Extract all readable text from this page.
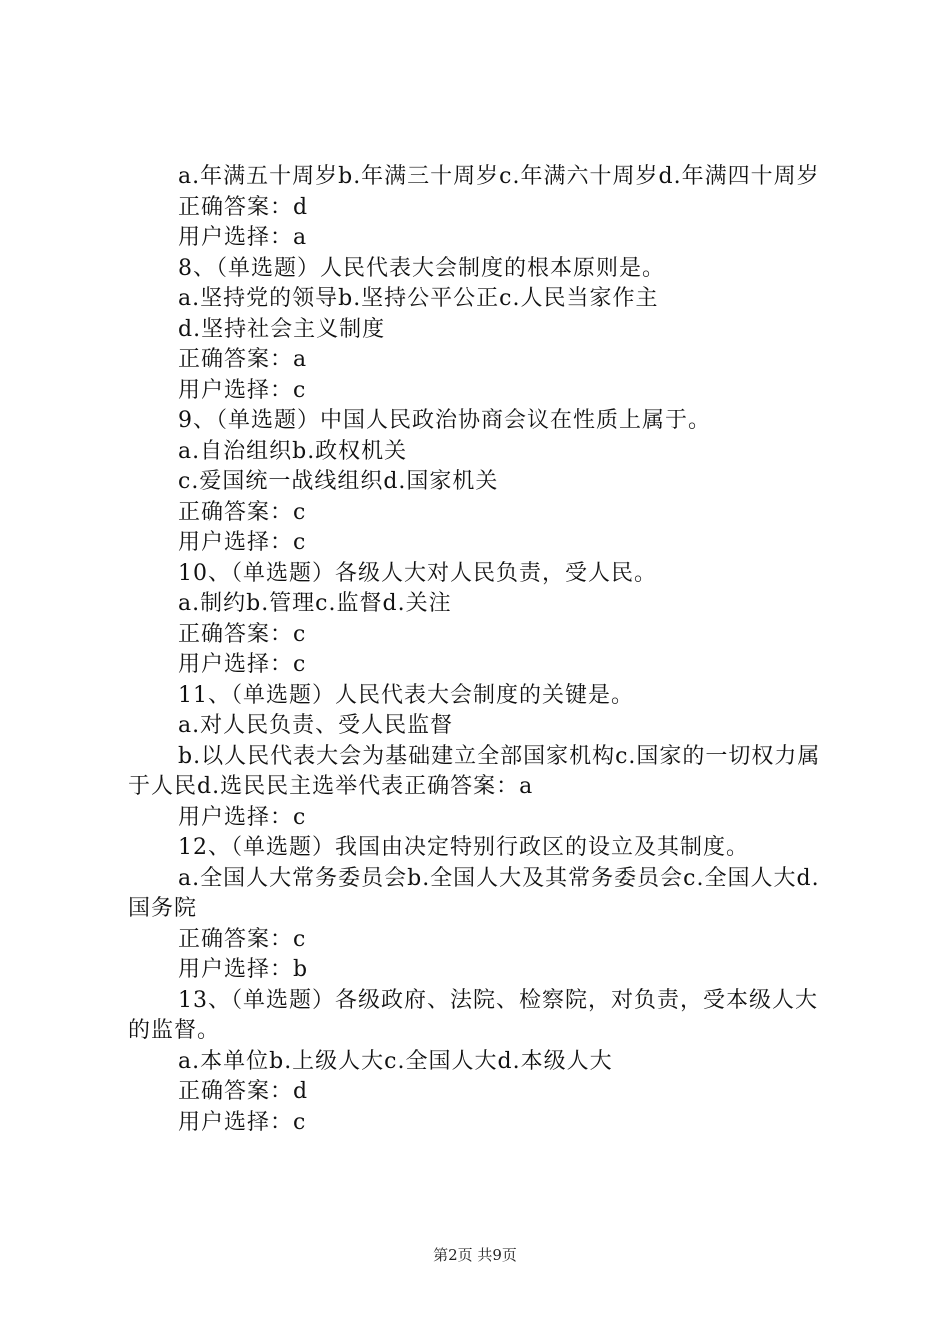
a.年满五十周岁b.年满三十周岁c.年满六十周岁d.年满四十周岁
正确答案：d
用户选择：a
8、（单选题）人民代表大会制度的根本原则是。
a.坚持党的领导b.坚持公平公正c.人民当家作主
d.坚持社会主义制度
正确答案：a
用户选择：c
9、（单选题）中国人民政治协商会议在性质上属于。
a.自治组织b.政权机关
c.爱国统一战线组织d.国家机关
正确答案：c
用户选择：c
10、（单选题）各级人大对人民负责，受人民。
a.制约b.管理c.监督d.关注
正确答案：c
用户选择：c
11、（单选题）人民代表大会制度的关键是。
a.对人民负责、受人民监督
b.以人民代表大会为基础建立全部国家机构c.国家的一切权力属于人民d.选民民主选举代表正确答案：a
用户选择：c
12、（单选题）我国由决定特别行政区的设立及其制度。
a.全国人大常务委员会b.全国人大及其常务委员会c.全国人大d.国务院
正确答案：c
用户选择：b
13、（单选题）各级政府、法院、检察院，对负责，受本级人大的监督。
a.本单位b.上级人大c.全国人大d.本级人大
正确答案：d
用户选择：c
第2页 共9页
